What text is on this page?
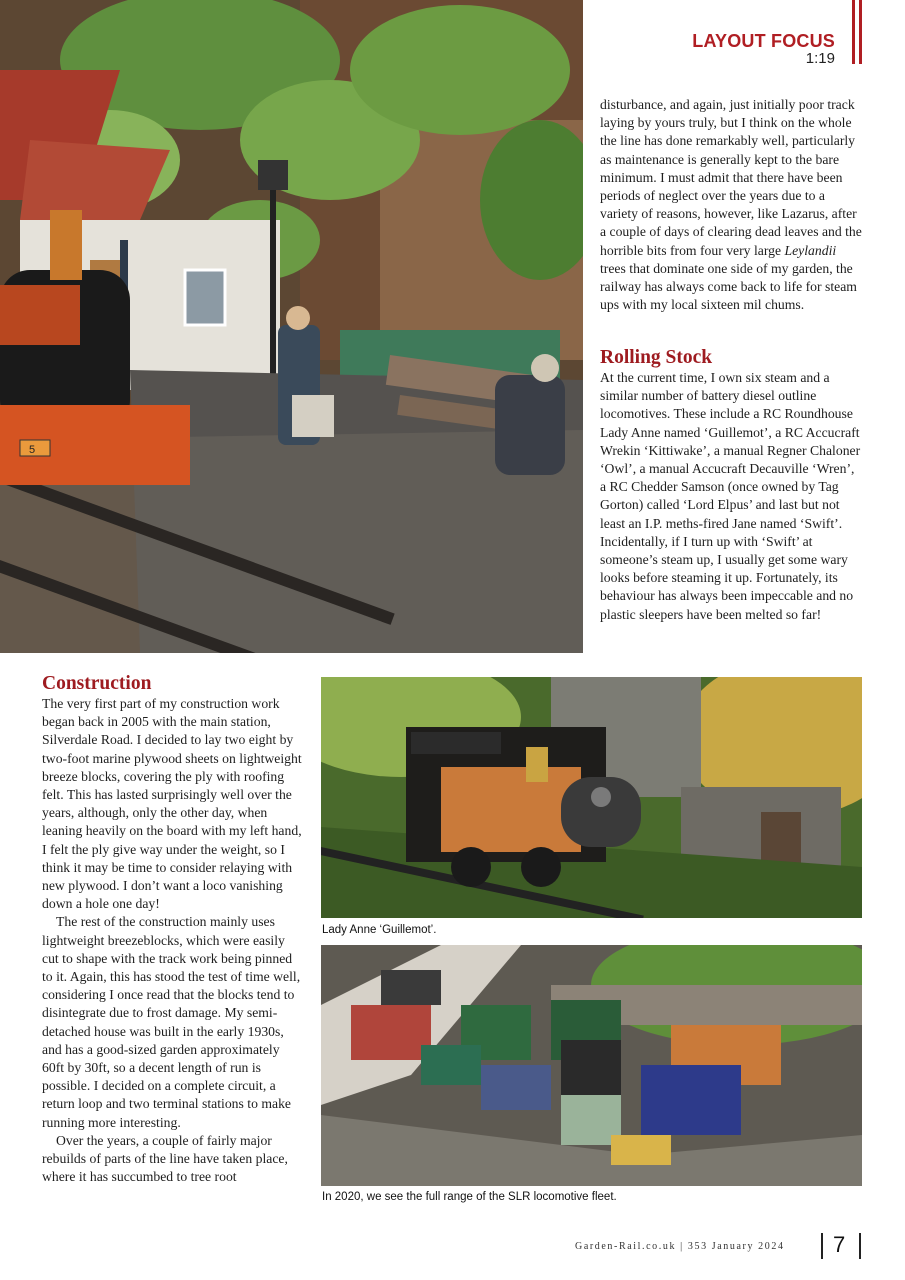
LAYOUT FOCUS
1:19
5

disturbance, and again, just initially poor track laying by yours truly, but I think on the whole the line has done remarkably well, particularly as maintenance is generally kept to the bare minimum. I must admit that there have been periods of neglect over the years due to a variety of reasons, however, like Lazarus, after a couple of days of clearing dead leaves and the horrible bits from four very large Leylandii trees that dominate one side of my garden, the railway has always come back to life for steam ups with my local sixteen mil chums.

Rolling Stock

At the current time, I own six steam and a similar number of battery diesel outline locomotives. These include a RC Roundhouse Lady Anne named ‘Guillemot’, a RC Accucraft Wrekin ‘Kittiwake’, a manual Regner Chaloner ‘Owl’, a manual Accucraft Decauville ‘Wren’, a RC Chedder Samson (once owned by Tag Gorton) called ‘Lord Elpus’ and last but not least an I.P. meths-fired Jane named ‘Swift’. Incidentally, if I turn up with ‘Swift’ at someone’s steam up, I usually get some wary looks before steaming it up. Fortunately, its behaviour has always been impeccable and no plastic sleepers have been melted so far!

Construction

The very first part of my construction work began back in 2005 with the main station, Silverdale Road. I decided to lay two eight by two-foot marine plywood sheets on lightweight breeze blocks, covering the ply with roofing felt. This has lasted surprisingly well over the years, although, only the other day, when leaning heavily on the board with my left hand, I felt the ply give way under the weight, so I think it may be time to consider relaying with new plywood. I don’t want a loco vanishing down a hole one day!

The rest of the construction mainly uses lightweight breezeblocks, which were easily cut to shape with the track work being pinned to it. Again, this has stood the test of time well, considering I once read that the blocks tend to disintegrate due to frost damage. My semi-detached house was built in the early 1930s, and has a good-sized garden approximately 60ft by 30ft, so a decent length of run is possible. I decided on a complete circuit, a return loop and two terminal stations to make running more interesting.

Over the years, a couple of fairly major rebuilds of parts of the line have taken place, where it has succumbed to tree root

Lady Anne ‘Guillemot’.
In 2020, we see the full range of the SLR locomotive fleet.
Garden-Rail.co.uk | 353 January 2024 7
